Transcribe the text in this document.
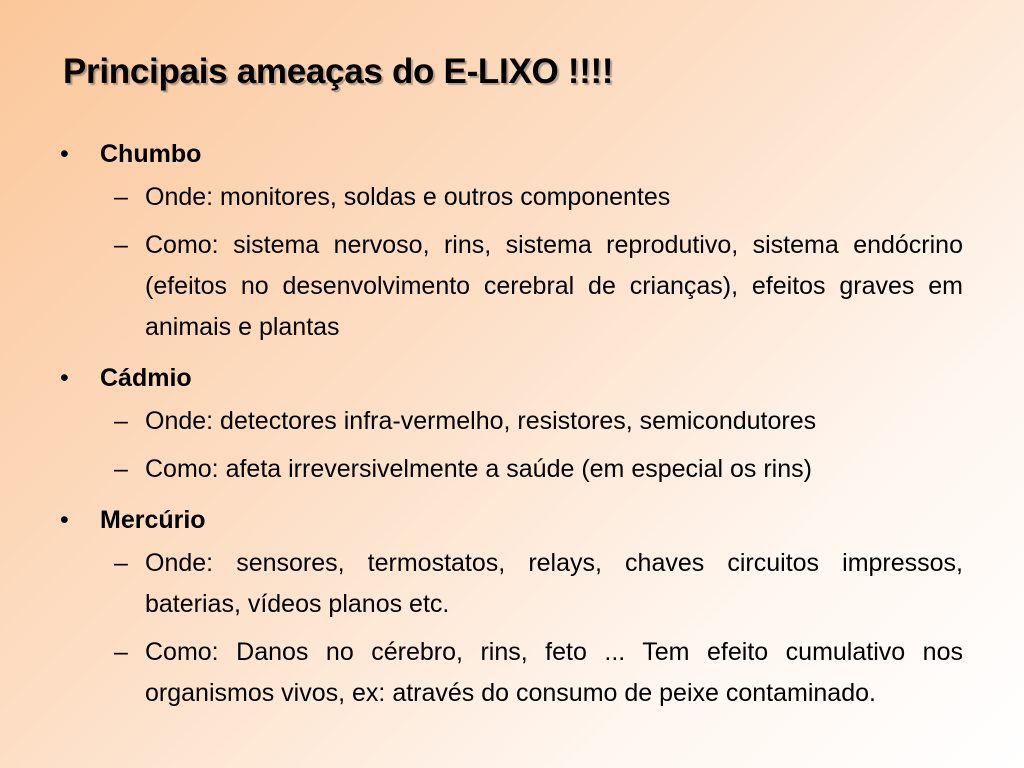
Principais ameaças do E-LIXO !!!!
• Chumbo
– Onde: monitores, soldas e outros componentes
– Como: sistema nervoso, rins, sistema reprodutivo, sistema endócrino (efeitos no desenvolvimento cerebral de crianças), efeitos graves em animais e plantas
• Cádmio
– Onde: detectores infra-vermelho, resistores, semicondutores
– Como: afeta irreversivelmente a saúde (em especial os rins)
• Mercúrio
– Onde: sensores, termostatos, relays, chaves circuitos impressos, baterias, vídeos planos etc.
– Como: Danos no cérebro, rins, feto ... Tem efeito cumulativo nos organismos vivos, ex: através do consumo de peixe contaminado.
